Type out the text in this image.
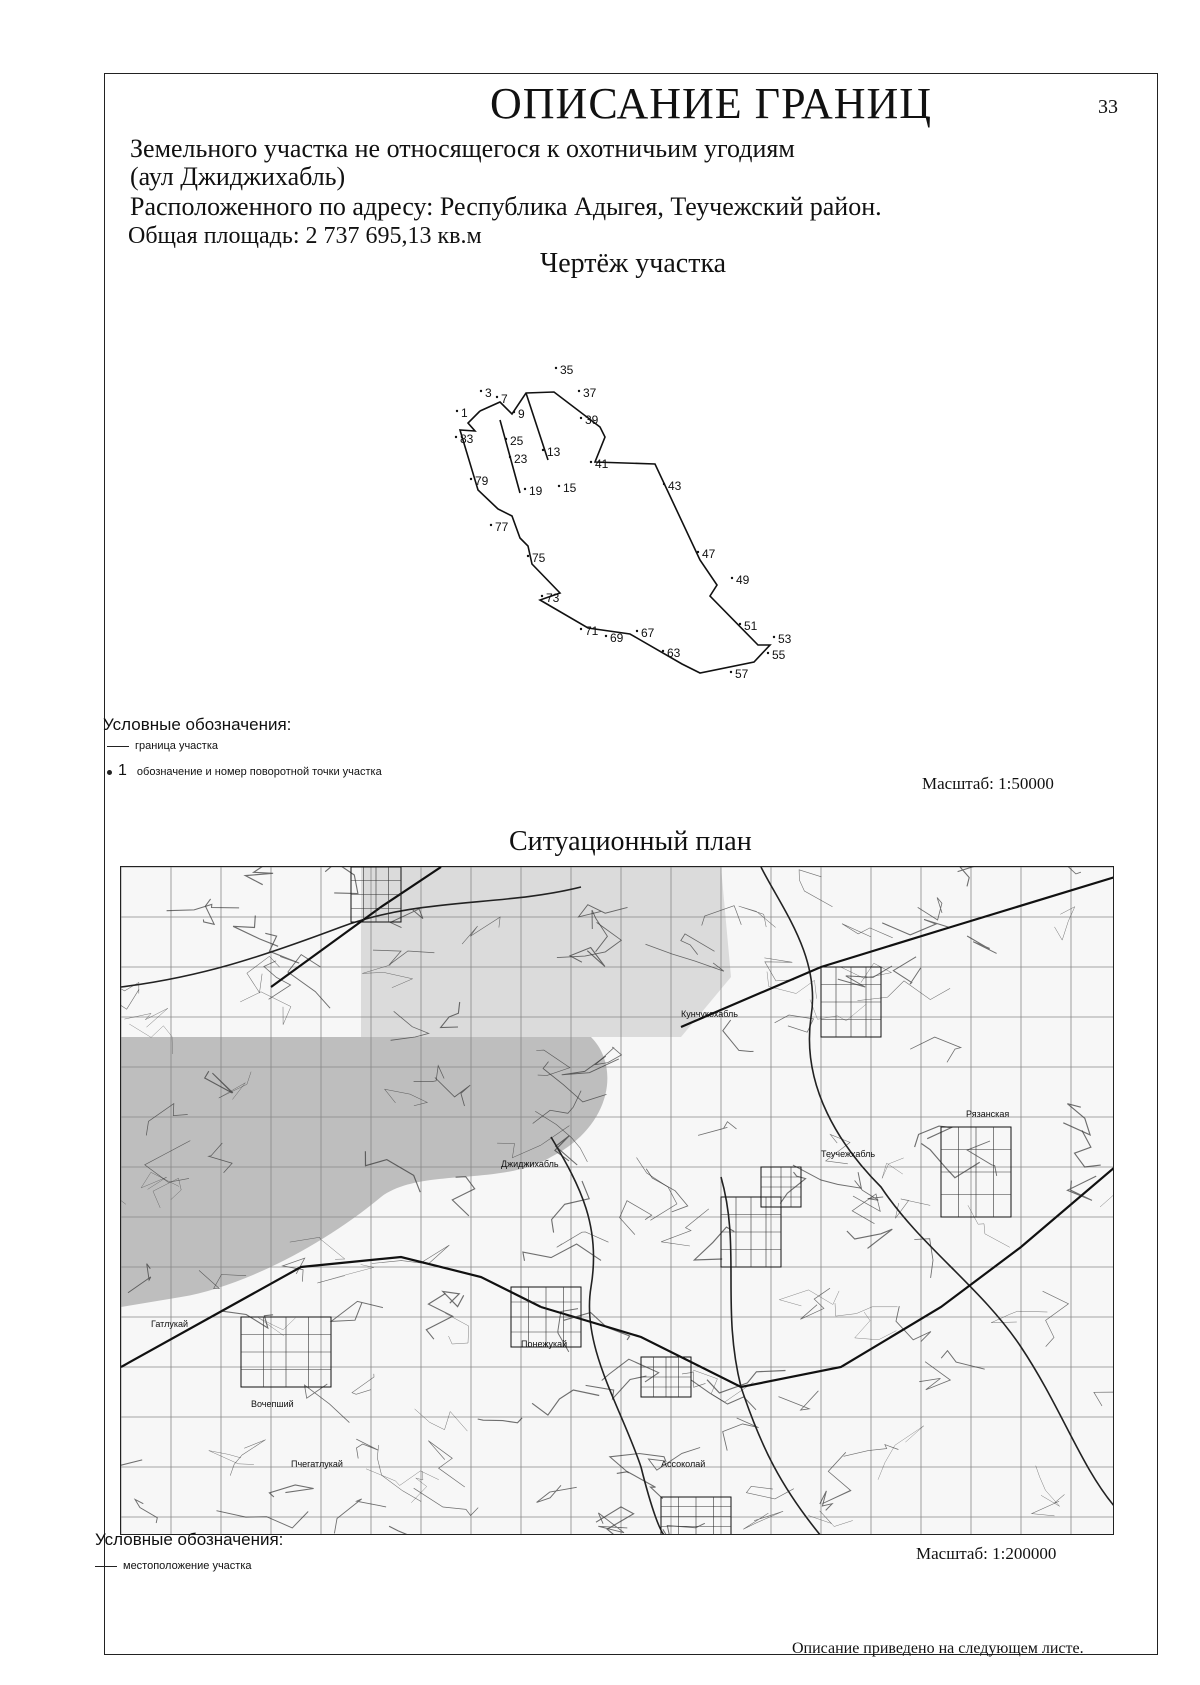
ОПИСАНИЕ ГРАНИЦ	33
Земельного участка не относящегося к охотничьим угодиям
(аул Джиджихабль)
Расположенного по адресу: Республика Адыгея, Теучежский район.
Общая площадь: 2 737 695,13 кв.м
Чертёж участка
1
3 7
9
35
37
39
41
43
47
49
51
53
55
57
63
67
69
71
73
75
77
79
83	25
23 13
19 15
Условные обозначения:
граница участка
1 обозначение и номер поворотной точки участка
Масштаб: 1:50000
Ситуационный план
Рязанская
Теучежхабль
Джиджихабль
Вочепший
Понежукай
Ассоколай
Гатлукай
Кунчукохабль
Пчегатлукай
Условные обозначения:
местоположение участка
Масштаб: 1:200000
Описание приведено на следующем листе.
